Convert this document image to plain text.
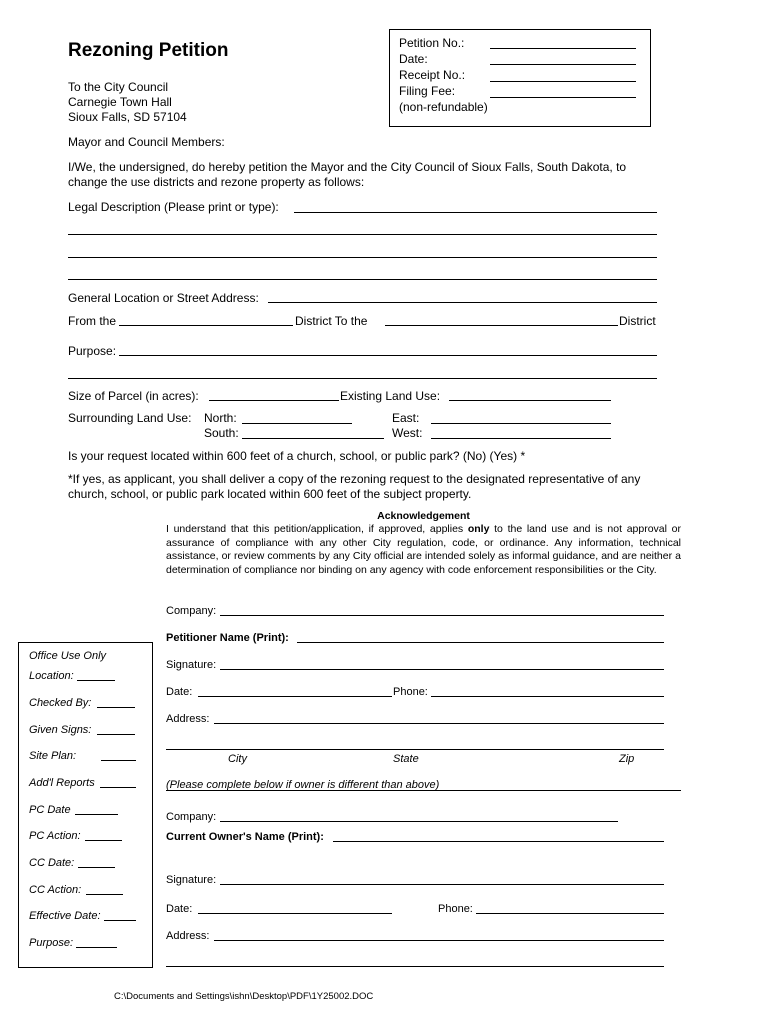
Rezoning Petition
To the City Council
Carnegie Town Hall
Sioux Falls, SD 57104
Petition No.:
Date:
Receipt No.:
Filing Fee:
(non-refundable)
Mayor and Council Members:
I/We, the undersigned, do hereby petition the Mayor and the City Council of Sioux Falls, South Dakota, to change the use districts and rezone property as follows:
Legal Description (Please print or type):
General Location or Street Address:
From the	District To the	District
Purpose:
Size of Parcel (in acres):	Existing Land Use:
Surrounding Land Use: North:	East:
South:	West:
Is your request located within 600 feet of a church, school, or public park? (No) (Yes) *
*If yes, as applicant, you shall deliver a copy of the rezoning request to the designated representative of any church, school, or public park located within 600 feet of the subject property.
Acknowledgement
I understand that this petition/application, if approved, applies only to the land use and is not approval or assurance of compliance with any other City regulation, code, or ordinance. Any information, technical assistance, or review comments by any City official are intended solely as informal guidance, and are neither a determination of compliance nor binding on any agency with code enforcement responsibilities or the City.
Company:
Petitioner Name (Print):
Signature:
Date:	Phone:
Address:
City	State	Zip
(Please complete below if owner is different than above)
Company:
Current Owner's Name (Print):
Signature:
Date:	Phone:
Address:
Office Use Only
Location:
Checked By:
Given Signs:
Site Plan:
Add'l Reports
PC Date
PC Action:
CC Date:
CC Action:
Effective Date:
Purpose:
C:\Documents and Settings\ishn\Desktop\PDF\1Y25002.DOC
